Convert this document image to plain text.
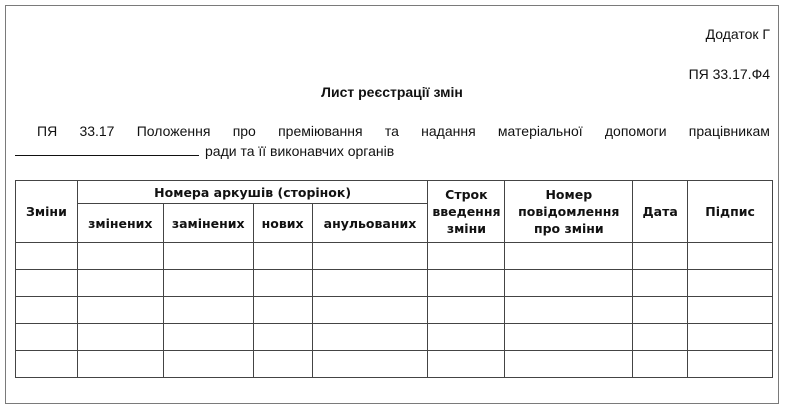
Додаток Г
ПЯ 33.17.Ф4
Лист реєстрації змін
ПЯ 33.17 Положення про преміювання та надання матеріальної допомоги працівникам
ради та її виконавчих органів
Зміни	Номера аркушів (сторінок)				Строк введення зміни	Номер повідомлення про зміни	Дата	Підпис
	змінених	замінених	нових	анульованих				
